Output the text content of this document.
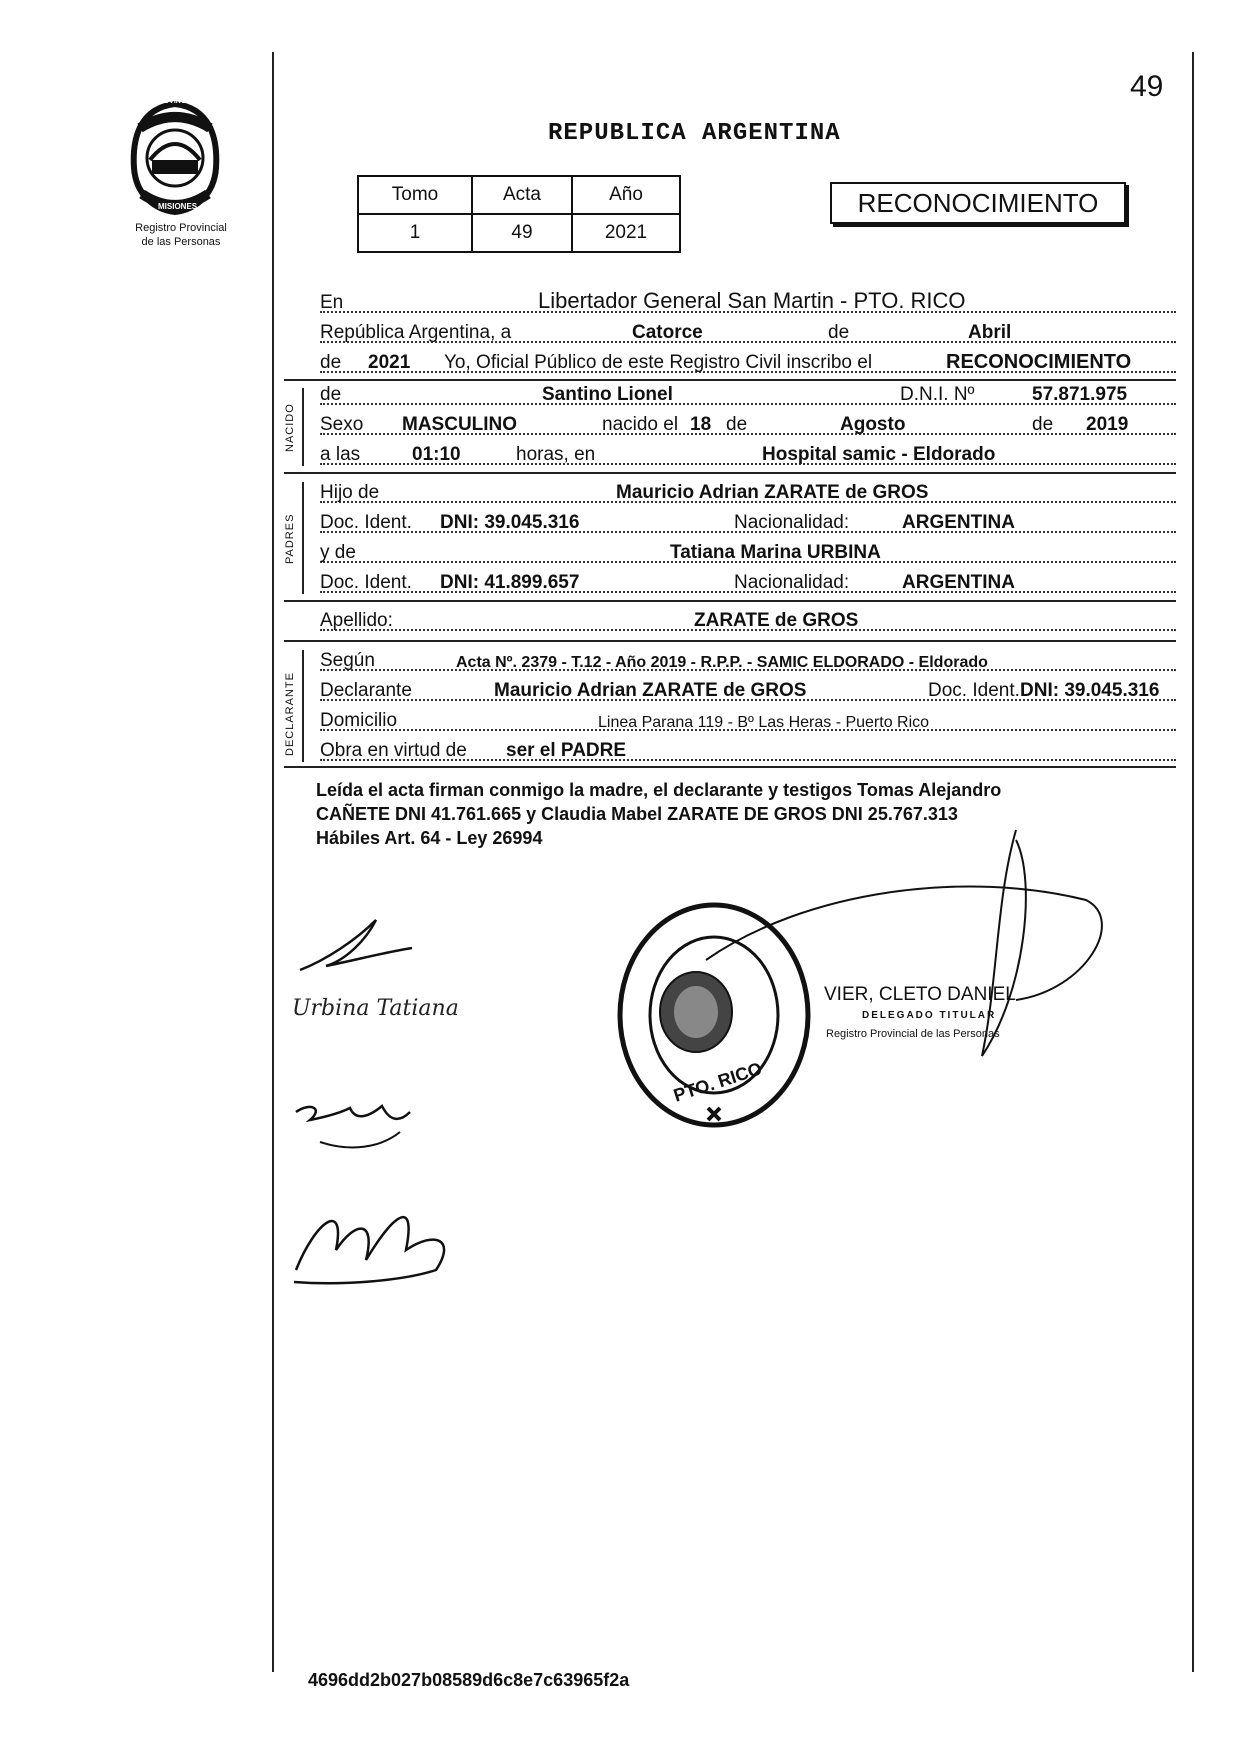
PROVINCIA DE
MISIONES
Registro Provincial
de las Personas
49
REPUBLICA ARGENTINA
Tomo	Acta	Año
1	49	2021
RECONOCIMIENTO
En	Libertador General San Martin - PTO. RICO
República Argentina, a	Catorce	de	Abril
de 2021 Yo, Oficial Público de este Registro Civil inscribo el	RECONOCIMIENTO
NACIDO
de	Santino Lionel	D.N.I. Nº	57.871.975
Sexo MASCULINO	nacido el 18 de	Agosto	de 2019
a las	01:10	horas, en	Hospital samic - Eldorado
PADRES
Hijo de	Mauricio Adrian ZARATE de GROS
Doc. Ident. DNI: 39.045.316	Nacionalidad:	ARGENTINA
y de	Tatiana Marina URBINA
Doc. Ident. DNI: 41.899.657	Nacionalidad:	ARGENTINA
Apellido:	ZARATE de GROS
DECLARANTE
Según	Acta Nº. 2379 - T.12 - Año 2019 - R.P.P. - SAMIC ELDORADO - Eldorado
Declarante	Mauricio Adrian ZARATE de GROS	Doc. Ident. DNI: 39.045.316
Domicilio	Linea Parana 119 - Bº Las Heras - Puerto Rico
Obra en virtud de ser el PADRE
Leída el acta firman conmigo la madre, el declarante y testigos Tomas Alejandro
CAÑETE DNI 41.761.665 y Claudia Mabel ZARATE DE GROS DNI 25.767.313
Hábiles Art. 64 - Ley 26994
PTO. RICO
VIER, CLETO DANIEL
DELEGADO TITULAR
Registro Provincial de las Personas
Urbina Tatiana
4696dd2b027b08589d6c8e7c63965f2a
